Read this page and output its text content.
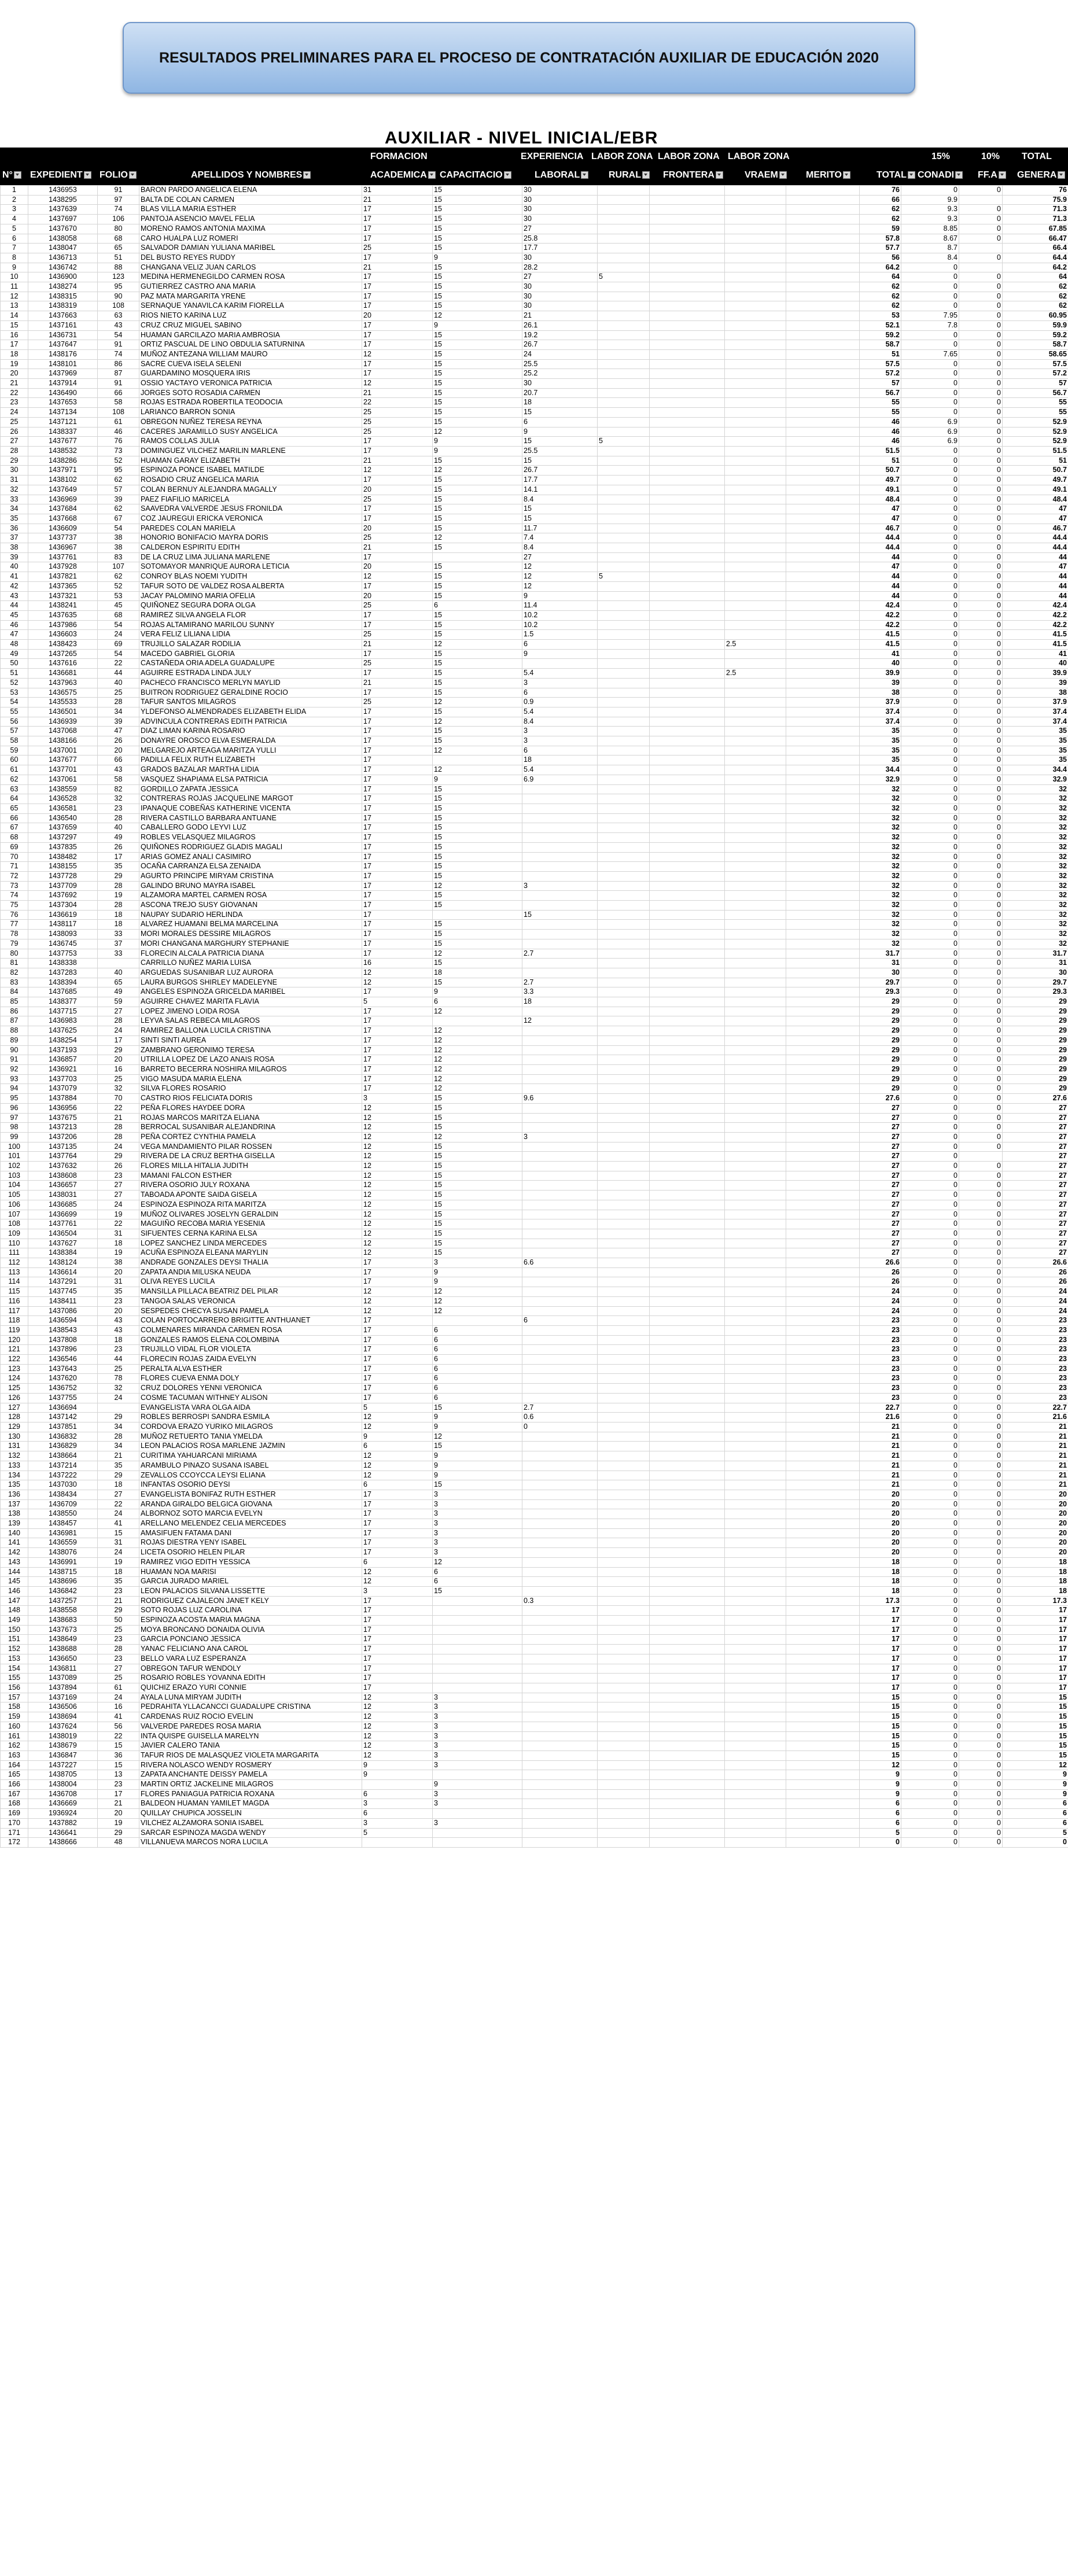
RESULTADOS PRELIMINARES PARA EL PROCESO DE CONTRATACIÓN AUXILIAR DE EDUCACIÓN 2020
AUXILIAR - NIVEL INICIAL/EBR
FORMACION	EXPERIENCIA LABOR ZONA LABOR ZONA LABOR ZONA	15%	10% TOTAL
N°	EXPEDIENT	FOLIO	APELLIDOS Y NOMBRES	ACADEMICA	CAPACITACIO	LABORAL	RURAL	FRONTERA	VRAEM	MERITO	TOTAL	CONADI	FF.A	GENERA
1	1436953	91	BARON PARDO ANGELICA ELENA	31	15	30					76	0	0	76
2	1438295	97	BALTA DE COLAN CARMEN	21	15	30					66	9.9		75.9
3	1437639	74	BLAS VILLA MARIA ESTHER	17	15	30					62	9.3	0	71.3
4	1437697	106	PANTOJA ASENCIO MAVEL FELIA	17	15	30					62	9.3	0	71.3
5	1437670	80	MORENO RAMOS ANTONIA MAXIMA	17	15	27					59	8.85	0	67.85
6	1438058	68	CARO HUALPA LUZ ROMERI	17	15	25.8					57.8	8.67	0	66.47
7	1438047	65	SALVADOR DAMIAN YULIANA MARIBEL	25	15	17.7					57.7	8.7		66.4
8	1436713	51	DEL BUSTO REYES RUDDY	17	9	30					56	8.4	0	64.4
9	1436742	88	CHANGANA VELIZ JUAN CARLOS	21	15	28.2					64.2	0		64.2
10	1436900	123	MEDINA HERMENEGILDO CARMEN ROSA	17	15	27	5				64	0	0	64
11	1438274	95	GUTIERREZ CASTRO ANA MARIA	17	15	30					62	0	0	62
12	1438315	90	PAZ MATA MARGARITA YRENE	17	15	30					62	0	0	62
13	1438319	108	SERNAQUE YANAVILCA KARIM FIORELLA	17	15	30					62	0	0	62
14	1437663	63	RIOS NIETO KARINA LUZ	20	12	21					53	7.95	0	60.95
15	1437161	43	CRUZ CRUZ MIGUEL SABINO	17	9	26.1					52.1	7.8	0	59.9
16	1436731	54	HUAMAN GARCILAZO MARIA AMBROSIA	17	15	19.2					59.2	0	0	59.2
17	1437647	91	ORTIZ PASCUAL DE LINO OBDULIA SATURNINA	17	15	26.7					58.7	0	0	58.7
18	1438176	74	MUÑOZ ANTEZANA WILLIAM MAURO	12	15	24					51	7.65	0	58.65
19	1438101	86	SACRE CUEVA ISELA SELENI	17	15	25.5					57.5	0	0	57.5
20	1437969	87	GUARDAMINO MOSQUERA IRIS	17	15	25.2					57.2	0	0	57.2
21	1437914	91	OSSIO YACTAYO VERONICA PATRICIA	12	15	30					57	0	0	57
22	1436490	66	JORGES SOTO ROSADIA CARMEN	21	15	20.7					56.7	0	0	56.7
23	1437653	58	ROJAS ESTRADA ROBERTILA TEODOCIA	22	15	18					55	0	0	55
24	1437134	108	LARIANCO BARRON SONIA	25	15	15					55	0	0	55
25	1437121	61	OBREGON NUÑEZ TERESA REYNA	25	15	6					46	6.9	0	52.9
26	1438337	46	CACERES JARAMILLO SUSY ANGELICA	25	12	9					46	6.9	0	52.9
27	1437677	76	RAMOS COLLAS JULIA	17	9	15	5				46	6.9	0	52.9
28	1438532	73	DOMINGUEZ VILCHEZ MARILIN MARLENE	17	9	25.5					51.5	0	0	51.5
29	1438286	52	HUAMAN GARAY ELIZABETH	21	15	15					51	0	0	51
30	1437971	95	ESPINOZA PONCE ISABEL MATILDE	12	12	26.7					50.7	0	0	50.7
31	1438102	62	ROSADIO CRUZ ANGELICA MARIA	17	15	17.7					49.7	0	0	49.7
32	1437649	57	COLAN BERNUY ALEJANDRA MAGALLY	20	15	14.1					49.1	0	0	49.1
33	1436969	39	PAEZ FIAFILIO MARICELA	25	15	8.4					48.4	0	0	48.4
34	1437684	62	SAAVEDRA VALVERDE JESUS FRONILDA	17	15	15					47	0	0	47
35	1437668	67	COZ JAUREGUI ERICKA VERONICA	17	15	15					47	0	0	47
36	1436609	54	PAREDES COLAN MARIELA	20	15	11.7					46.7	0	0	46.7
37	1437737	38	HONORIO BONIFACIO MAYRA DORIS	25	12	7.4					44.4	0	0	44.4
38	1436967	38	CALDERON ESPIRITU EDITH	21	15	8.4					44.4	0	0	44.4
39	1437761	83	DE LA CRUZ LIMA JULIANA MARLENE	17		27					44	0	0	44
40	1437928	107	SOTOMAYOR MANRIQUE AURORA LETICIA	20	15	12					47	0	0	47
41	1437821	62	CONROY BLAS NOEMI YUDITH	12	15	12	5				44	0	0	44
42	1437365	52	TAFUR SOTO DE VALDEZ ROSA ALBERTA	17	15	12					44	0	0	44
43	1437321	53	JACAY PALOMINO MARIA OFELIA	20	15	9					44	0	0	44
44	1438241	45	QUIÑONEZ SEGURA DORA OLGA	25	6	11.4					42.4	0	0	42.4
45	1437635	68	RAMIREZ SILVA ANGELA FLOR	17	15	10.2					42.2	0	0	42.2
46	1437986	54	ROJAS ALTAMIRANO MARILOU SUNNY	17	15	10.2					42.2	0	0	42.2
47	1436603	24	VERA FELIZ LILIANA LIDIA	25	15	1.5					41.5	0	0	41.5
48	1438423	69	TRUJILLO SALAZAR RODILIA	21	12	6			2.5		41.5	0	0	41.5
49	1437265	54	MACEDO GABRIEL GLORIA	17	15	9					41	0	0	41
50	1437616	22	CASTAÑEDA ORIA ADELA GUADALUPE	25	15						40	0	0	40
51	1436681	44	AGUIRRE ESTRADA LINDA JULY	17	15	5.4			2.5		39.9	0	0	39.9
52	1437963	40	PACHECO FRANCISCO MERLYN MAYLID	21	15	3					39	0	0	39
53	1436575	25	BUITRON RODRIGUEZ GERALDINE ROCIO	17	15	6					38	0	0	38
54	1435533	28	TAFUR SANTOS MILAGROS	25	12	0.9					37.9	0	0	37.9
55	1436501	34	YLDEFONSO ALMENDRADES ELIZABETH ELIDA	17	15	5.4					37.4	0	0	37.4
56	1436939	39	ADVINCULA CONTRERAS EDITH PATRICIA	17	12	8.4					37.4	0	0	37.4
57	1437068	47	DIAZ LIMAN KARINA ROSARIO	17	15	3					35	0	0	35
58	1438166	26	DONAYRE OROSCO ELVA ESMERALDA	17	15	3					35	0	0	35
59	1437001	20	MELGAREJO ARTEAGA MARITZA YULLI	17	12	6					35	0	0	35
60	1437677	66	PADILLA FELIX RUTH ELIZABETH	17		18					35	0	0	35
61	1437701	43	GRADOS BAZALAR MARTHA LIDIA	17	12	5.4					34.4	0	0	34.4
62	1437061	58	VASQUEZ SHAPIAMA ELSA PATRICIA	17	9	6.9					32.9	0	0	32.9
63	1438559	82	GORDILLO ZAPATA JESSICA	17	15						32	0	0	32
64	1436528	32	CONTRERAS ROJAS JACQUELINE MARGOT	17	15						32	0	0	32
65	1436581	23	IPANAQUE COBEÑAS KATHERINE VICENTA	17	15						32	0	0	32
66	1436540	28	RIVERA CASTILLO BARBARA ANTUANE	17	15						32	0	0	32
67	1437659	40	CABALLERO GODO LEYVI LUZ	17	15						32	0	0	32
68	1437297	49	ROBLES VELASQUEZ MILAGROS	17	15						32	0	0	32
69	1437835	26	QUIÑONES RODRIGUEZ GLADIS MAGALI	17	15						32	0	0	32
70	1438482	17	ARIAS GOMEZ ANALI CASIMIRO	17	15						32	0	0	32
71	1438155	35	OCAÑA CARRANZA ELSA ZENAIDA	17	15						32	0	0	32
72	1437728	29	AGURTO PRINCIPE MIRYAM CRISTINA	17	15						32	0	0	32
73	1437709	28	GALINDO BRUNO MAYRA ISABEL	17	12	3					32	0	0	32
74	1437692	19	ALZAMORA MARTEL CARMEN ROSA	17	15						32	0	0	32
75	1437304	28	ASCONA TREJO SUSY GIOVANAN	17	15						32	0	0	32
76	1436619	18	NAUPAY SUDARIO HERLINDA	17		15					32	0	0	32
77	1438117	18	ALVAREZ HUAMANI BELMA MARCELINA	17	15						32	0	0	32
78	1438093	33	MORI MORALES DESSIRE MILAGROS	17	15						32	0	0	32
79	1436745	37	MORI CHANGANA MARGHURY STEPHANIE	17	15						32	0	0	32
80	1437753	33	FLORECIN ALCALA PATRICIA DIANA	17	12	2.7					31.7	0	0	31.7
81	1438338		CARRILLO NUÑEZ MARIA LUISA	16	15						31	0	0	31
82	1437283	40	ARGUEDAS SUSANIBAR LUZ AURORA	12	18						30	0	0	30
83	1438394	65	LAURA BURGOS SHIRLEY MADELEYNE	12	15	2.7					29.7	0	0	29.7
84	1437685	49	ANGELES ESPINOZA GRICELDA MARIBEL	17	9	3.3					29.3	0	0	29.3
85	1438377	59	AGUIRRE CHAVEZ MARITA FLAVIA	5	6	18					29	0	0	29
86	1437715	27	LOPEZ JIMENO LOIDA ROSA	17	12						29	0	0	29
87	1436983	28	LEYVA SALAS REBECA MILAGROS	17		12					29	0	0	29
88	1437625	24	RAMIREZ BALLONA LUCILA CRISTINA	17	12						29	0	0	29
89	1438254	17	SINTI SINTI AUREA	17	12						29	0	0	29
90	1437193	29	ZAMBRANO GERONIMO TERESA	17	12						29	0	0	29
91	1436857	20	UTRILLA LOPEZ DE LAZO ANAIS ROSA	17	12						29	0	0	29
92	1436921	16	BARRETO BECERRA NOSHIRA MILAGROS	17	12						29	0	0	29
93	1437703	25	VIGO MASUDA MARIA ELENA	17	12						29	0	0	29
94	1437079	32	SILVA FLORES ROSARIO	17	12						29	0	0	29
95	1437884	70	CASTRO RIOS FELICIATA DORIS	3	15	9.6					27.6	0	0	27.6
96	1436956	22	PEÑA FLORES HAYDEE DORA	12	15						27	0	0	27
97	1437675	21	ROJAS MARCOS MARITZA ELIANA	12	15						27	0	0	27
98	1437213	28	BERROCAL SUSANIBAR ALEJANDRINA	12	15						27	0	0	27
99	1437206	28	PEÑA CORTEZ CYNTHIA PAMELA	12	12	3					27	0	0	27
100	1437135	24	VEGA MANDAMIENTO PILAR ROSSEN	12	15						27	0	0	27
101	1437764	29	RIVERA DE LA CRUZ BERTHA GISELLA	12	15						27	0		27
102	1437632	26	FLORES MILLA HITALIA JUDITH	12	15						27	0	0	27
103	1438608	23	MAMANI FALCON ESTHER	12	15						27	0	0	27
104	1436657	27	RIVERA OSORIO JULY ROXANA	12	15						27	0	0	27
105	1438031	27	TABOADA APONTE SAIDA GISELA	12	15						27	0	0	27
106	1436685	24	ESPINOZA ESPINOZA RITA MARITZA	12	15						27	0	0	27
107	1436699	19	MUÑOZ OLIVARES JOSELYN GERALDIN	12	15						27	0	0	27
108	1437761	22	MAGUIÑO RECOBA MARIA YESENIA	12	15						27	0	0	27
109	1436504	31	SIFUENTES CERNA KARINA ELSA	12	15						27	0	0	27
110	1437627	18	LOPEZ SANCHEZ LINDA MERCEDES	12	15						27	0	0	27
111	1438384	19	ACUÑA ESPINOZA ELEANA MARYLIN	12	15						27	0	0	27
112	1438124	38	ANDRADE GONZALES DEYSI THALIA	17	3	6.6					26.6	0	0	26.6
113	1436614	20	ZAPATA ANDIA MILUSKA NEUDA	17	9						26	0	0	26
114	1437291	31	OLIVA REYES LUCILA	17	9						26	0	0	26
115	1437745	35	MANSILLA PILLACA BEATRIZ DEL PILAR	12	12						24	0	0	24
116	1438411	23	TANGOA SALAS VERONICA	12	12						24	0	0	24
117	1437086	20	SESPEDES CHECYA SUSAN PAMELA	12	12						24	0	0	24
118	1436594	43	COLAN PORTOCARRERO BRIGITTE ANTHUANET	17		6					23	0	0	23
119	1438543	43	COLMENARES MIRANDA CARMEN ROSA	17	6						23	0	0	23
120	1437808	18	GONZALES RAMOS ELENA COLOMBINA	17	6						23	0	0	23
121	1437896	23	TRUJILLO VIDAL FLOR VIOLETA	17	6						23	0	0	23
122	1436546	44	FLORECIN ROJAS ZAIDA EVELYN	17	6						23	0	0	23
123	1437643	25	PERALTA ALVA ESTHER	17	6						23	0	0	23
124	1437620	78	FLORES CUEVA ENMA DOLY	17	6						23	0	0	23
125	1436752	32	CRUZ DOLORES YENNI VERONICA	17	6						23	0	0	23
126	1437755	24	COSME TACUMAN WITHNEY ALISON	17	6						23	0	0	23
127	1436694		EVANGELISTA VARA OLGA AIDA	5	15	2.7					22.7	0	0	22.7
128	1437142	29	ROBLES BERROSPI SANDRA ESMILA	12	9	0.6					21.6	0	0	21.6
129	1437851	34	CORDOVA ERAZO YURIKO MILAGROS	12	9	0					21	0	0	21
130	1436832	28	MUÑOZ RETUERTO TANIA YMELDA	9	12						21	0	0	21
131	1436829	34	LEON PALACIOS ROSA MARLENE JAZMIN	6	15						21	0	0	21
132	1438664	21	CURITIMA YAHUARCANI MIRIAMA	12	9						21	0	0	21
133	1437214	35	ARAMBULO PINAZO SUSANA ISABEL	12	9						21	0	0	21
134	1437222	29	ZEVALLOS CCOYCCA LEYSI ELIANA	12	9						21	0	0	21
135	1437030	18	INFANTAS OSORIO DEYSI	6	15						21	0	0	21
136	1438434	27	EVANGELISTA BONIFAZ RUTH ESTHER	17	3						20	0	0	20
137	1436709	22	ARANDA GIRALDO BELGICA GIOVANA	17	3						20	0	0	20
138	1438550	24	ALBORNOZ SOTO MARCIA EVELYN	17	3						20	0	0	20
139	1438457	41	ARELLANO MELENDEZ CELIA MERCEDES	17	3						20	0	0	20
140	1436981	15	AMASIFUEN FATAMA DANI	17	3						20	0	0	20
141	1436559	31	ROJAS DIESTRA YENY ISABEL	17	3						20	0	0	20
142	1438076	24	LICETA OSORIO HELEN PILAR	17	3						20	0	0	20
143	1436991	19	RAMIREZ VIGO EDITH YESSICA	6	12						18	0	0	18
144	1438715	18	HUAMAN NOA MARISI	12	6						18	0	0	18
145	1438696	35	GARCIA JURADO MARIEL	12	6						18	0	0	18
146	1436842	23	LEON PALACIOS SILVANA LISSETTE	3	15						18	0	0	18
147	1437257	21	RODRIGUEZ CAJALEON JANET KELY	17		0.3					17.3	0	0	17.3
148	1438558	29	SOTO ROJAS LUZ CAROLINA	17							17	0	0	17
149	1438683	50	ESPINOZA ACOSTA MARIA MAGNA	17							17	0	0	17
150	1437673	25	MOYA BRONCANO DONAIDA OLIVIA	17							17	0	0	17
151	1438649	23	GARCIA PONCIANO JESSICA	17							17	0	0	17
152	1438688	28	YANAC FELICIANO ANA CAROL	17							17	0	0	17
153	1436650	23	BELLO VARA LUZ ESPERANZA	17							17	0	0	17
154	1436811	27	OBREGON TAFUR WENDOLY	17							17	0	0	17
155	1437089	25	ROSARIO ROBLES YOVANNA EDITH	17							17	0	0	17
156	1437894	61	QUICHIZ ERAZO YURI CONNIE	17							17	0	0	17
157	1437169	24	AYALA LUNA MIRYAM JUDITH	12	3						15	0	0	15
158	1436506	16	PEDRAHITA YLLACANCCI GUADALUPE CRISTINA	12	3						15	0	0	15
159	1438694	41	CARDENAS RUIZ ROCIO EVELIN	12	3						15	0	0	15
160	1437624	56	VALVERDE PAREDES ROSA MARIA	12	3						15	0	0	15
161	1438019	22	INTA QUISPE GUISELLA MARELYN	12	3						15	0	0	15
162	1438679	15	JAVIER CALERO TANIA	12	3						15	0	0	15
163	1436847	36	TAFUR RIOS DE MALASQUEZ VIOLETA MARGARITA	12	3						15	0	0	15
164	1437227	15	RIVERA NOLASCO WENDY ROSMERY	9	3						12	0	0	12
165	1438705	13	ZAPATA ANCHANTE DEISSY PAMELA	9							9	0	0	9
166	1438004	23	MARTIN ORTIZ JACKELINE MILAGROS		9						9	0	0	9
167	1436708	17	FLORES PANIAGUA PATRICIA ROXANA	6	3						9	0	0	9
168	1436669	21	BALDEON HUAMAN YAMILET MAGDA	3	3						6	0	0	6
169	1936924	20	QUILLAY CHUPICA JOSSELIN	6							6	0	0	6
170	1437882	19	VILCHEZ ALZAMORA SONIA ISABEL	3	3						6	0	0	6
171	1436641	29	SARCAR ESPINOZA MAGDA WENDY	5							5	0	0	5
172	1438666	48	VILLANUEVA MARCOS NORA LUCILA								0	0	0	0
